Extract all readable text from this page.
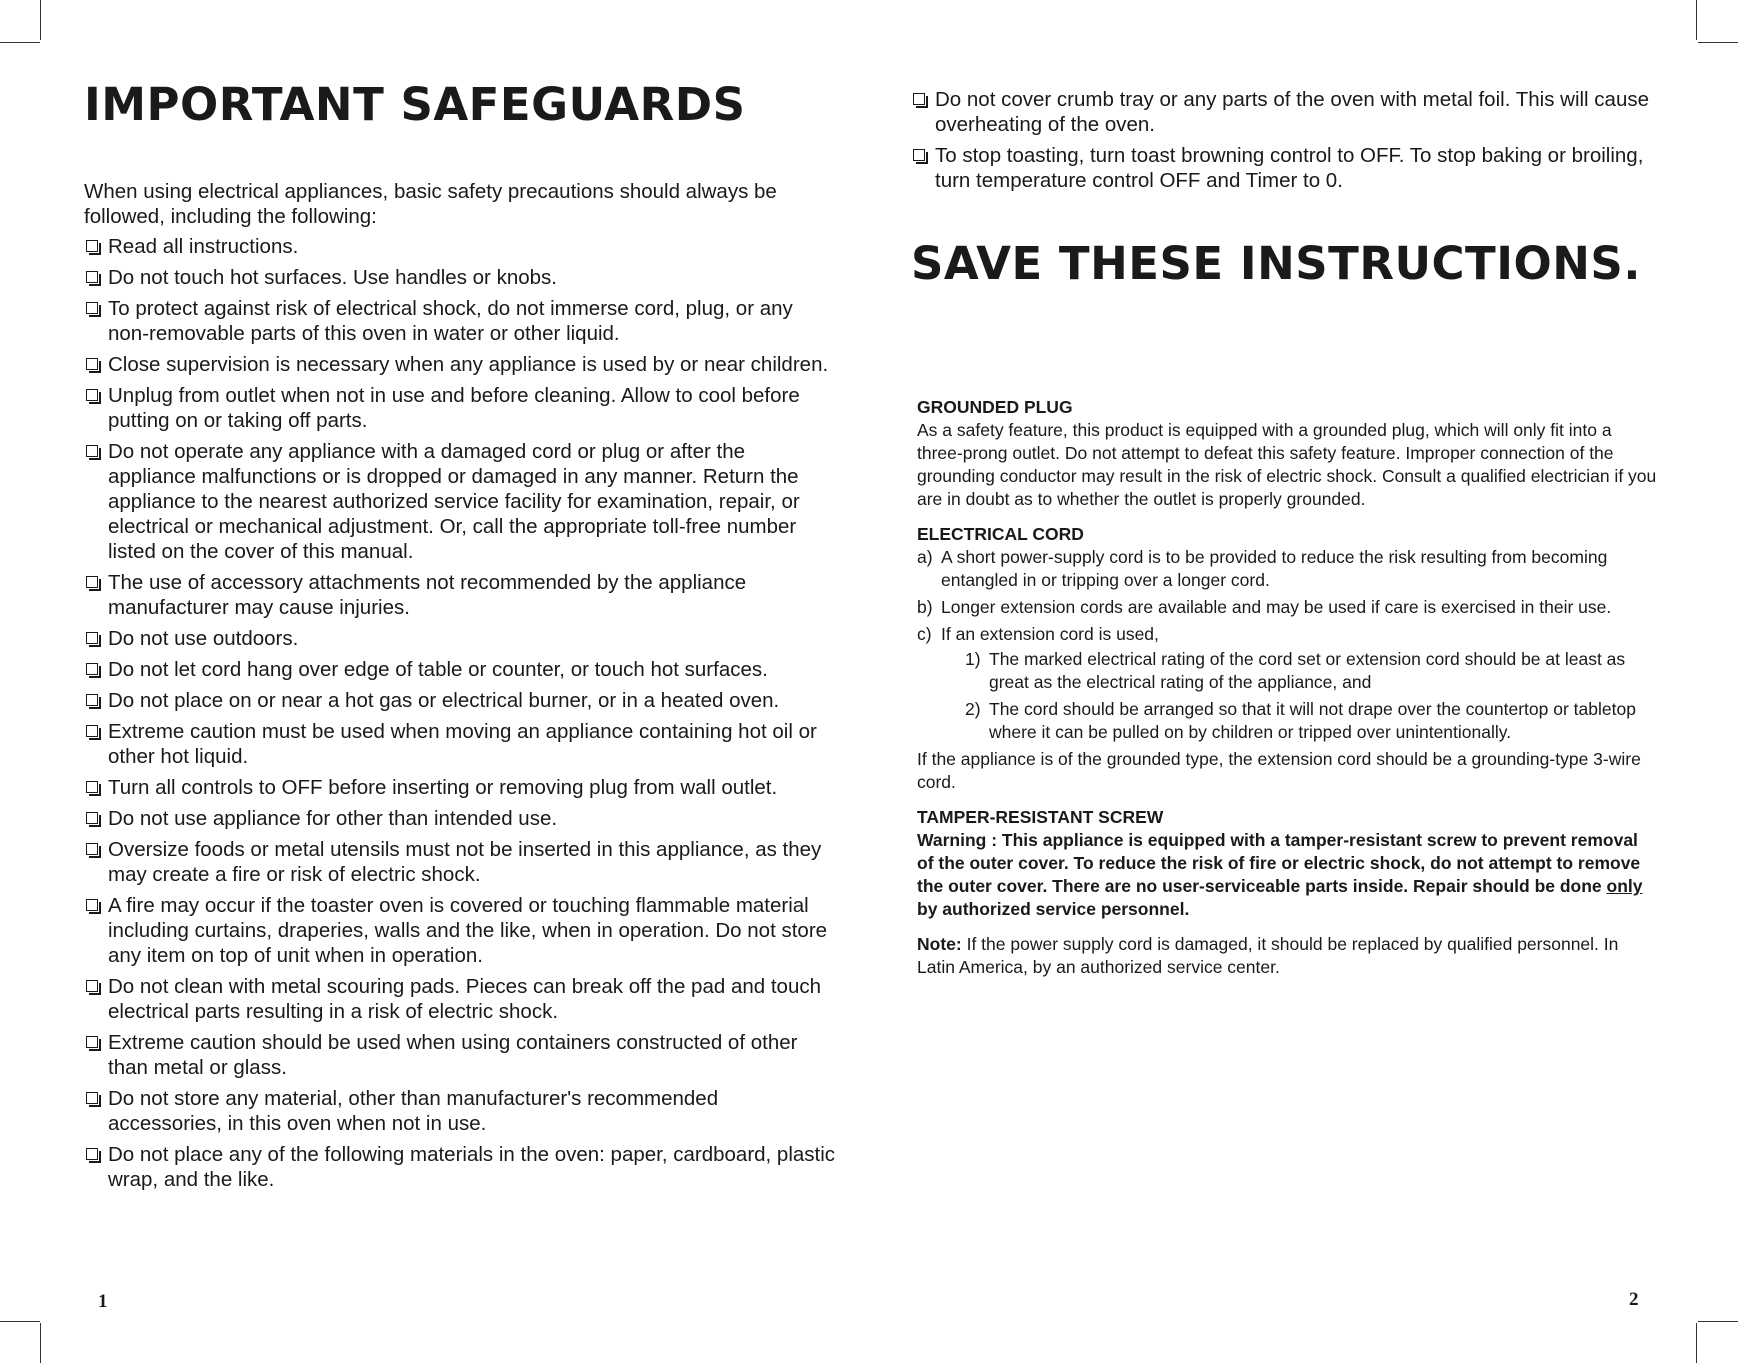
IMPORTANT SAFEGUARDS
When using electrical appliances, basic safety precautions should always be followed, including the following:
Read all instructions.
Do not touch hot surfaces. Use handles or knobs.
To protect against risk of electrical shock, do not immerse cord, plug, or any non-removable parts of this oven in water or other liquid.
Close supervision is necessary when any appliance is used by or near children.
Unplug from outlet when not in use and before cleaning. Allow to cool before putting on or taking off parts.
Do not operate any appliance with a damaged cord or plug or after the appliance malfunctions or is dropped or damaged in any manner. Return the appliance to the nearest authorized service facility for examination, repair, or electrical or mechanical adjustment. Or, call the appropriate toll-free number listed on the cover of this manual.
The use of accessory attachments not recommended by the appliance manufacturer may cause injuries.
Do not use outdoors.
Do not let cord hang over edge of table or counter, or touch hot surfaces.
Do not place on or near a hot gas or electrical burner, or in a heated oven.
Extreme caution must be used when moving an appliance containing hot oil or other hot liquid.
Turn all controls to OFF before inserting or removing plug from wall outlet.
Do not use appliance for other than intended use.
Oversize foods or metal utensils must not be inserted in this appliance, as they may create a fire or risk of electric shock.
A fire may occur if the toaster oven is covered or touching flammable material including curtains, draperies, walls and the like, when in operation. Do not store any item on top of unit when in operation.
Do not clean with metal scouring pads. Pieces can break off the pad and touch electrical parts resulting in a risk of electric shock.
Extreme caution should be used when using containers constructed of other than metal or glass.
Do not store any material, other than manufacturer's recommended accessories, in this oven when not in use.
Do not place any of the following materials in the oven: paper, cardboard, plastic wrap, and the like.
1
Do not cover crumb tray or any parts of the oven with metal foil. This will cause overheating of the oven.
To stop toasting, turn toast browning control to OFF. To stop baking or broiling, turn temperature control OFF and Timer to 0.
SAVE THESE INSTRUCTIONS.

GROUNDED PLUG

As a safety feature, this product is equipped with a grounded plug, which will only fit into a three-prong outlet. Do not attempt to defeat this safety feature. Improper connection of the grounding conductor may result in the risk of electric shock. Consult a qualified electrician if you are in doubt as to whether the outlet is properly grounded.

ELECTRICAL CORD

a) A short power-supply cord is to be provided to reduce the risk resulting from becoming entangled in or tripping over a longer cord.
b) Longer extension cords are available and may be used if care is exercised in their use.
c) If an extension cord is used,
1) The marked electrical rating of the cord set or extension cord should be at least as great as the electrical rating of the appliance, and
2) The cord should be arranged so that it will not drape over the countertop or tabletop where it can be pulled on by children or tripped over unintentionally.

If the appliance is of the grounded type, the extension cord should be a grounding-type 3-wire cord.

TAMPER-RESISTANT SCREW

Warning : This appliance is equipped with a tamper-resistant screw to prevent removal of the outer cover. To reduce the risk of fire or electric shock, do not attempt to remove the outer cover. There are no user-serviceable parts inside. Repair should be done only by authorized service personnel.

Note: If the power supply cord is damaged, it should be replaced by qualified personnel. In Latin America, by an authorized service center.

2
